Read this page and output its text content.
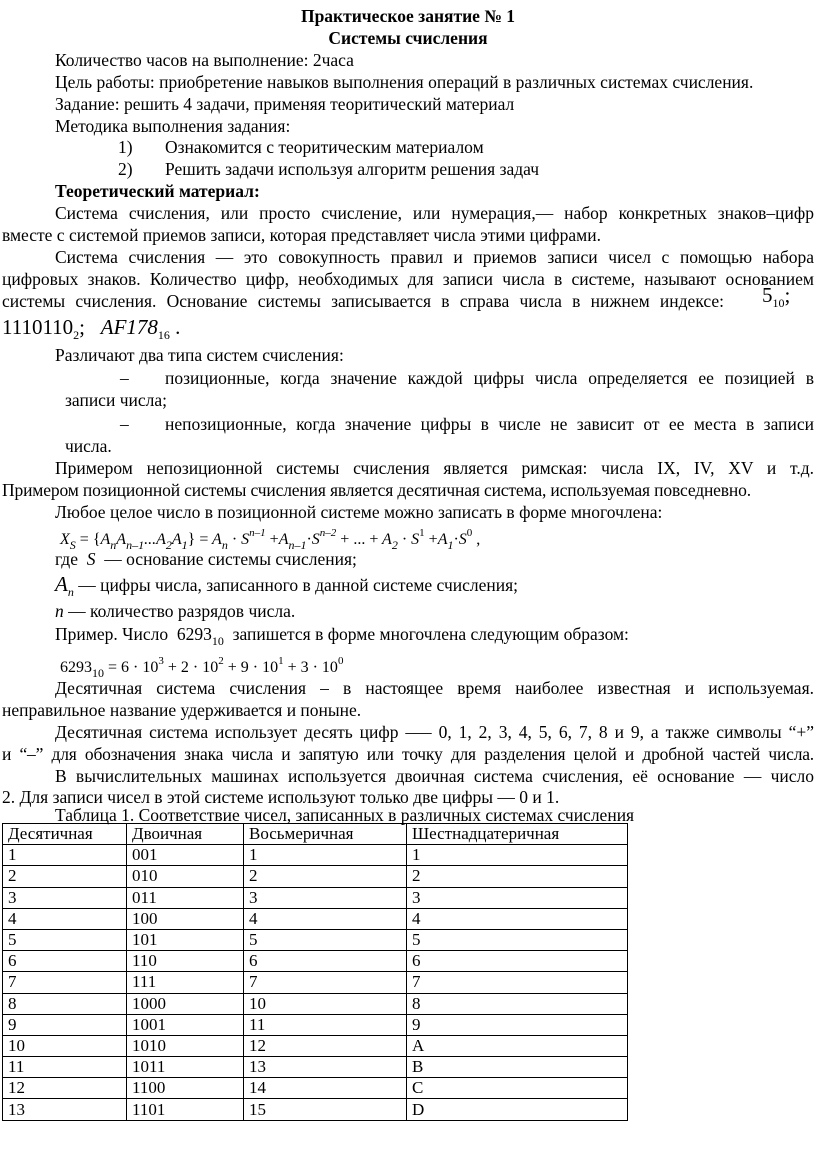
Практическое занятие № 1
Системы счисления
Количество часов на выполнение: 2часа
Цель работы: приобретение навыков выполнения операций в различных системах счисления.
Задание: решить 4 задачи, применяя теоритический материал
Методика выполнения задания:
1) Ознакомится с теоритическим материалом
2) Решить задачи используя алгоритм решения задач
Теоретический материал:
Система счисления, или просто счисление, или нумерация,— набор конкретных знаков–цифр
вместе с системой приемов записи, которая представляет числа этими цифрами.
Система счисления — это совокупность правил и приемов записи чисел с помощью набора
цифровых знаков. Количество цифр, необходимых для записи числа в системе, называют основанием
системы счисления. Основание системы записывается в справа числа в нижнем индексе: $5_{10}$;
$1110110_2$;   $AF178_{16}$ .
Различают два типа систем счисления:
– позиционные, когда значение каждой цифры числа определяется ее позицией в
записи числа;
– непозиционные, когда значение цифры в числе не зависит от ее места в записи
числа.
Примером непозиционной системы счисления является римская: числа IX, IV, XV и т.д.
Примером позиционной системы счисления является десятичная система, используемая повседневно.
Любое целое число в позиционной системе можно записать в форме многочлена:
$X_S = \{A_nA_{n-1}...A_2A_1\} = A_n \cdot S^{n-1} +A_{n-1}\cdot S^{n-2}$ + ... + $A_2 \cdot S^1 +A_1\cdot S^0$ ,
где  S — основание системы счисления;
$A_n$ — цифры числа, записанного в данной системе счисления;
n — количество разрядов числа.
Пример. Число $6293_{10}$ запишется в форме многочлена следующим образом:
$6293_{10} = 6 \cdot 10^3 + 2 \cdot 10^2 + 9 \cdot 10^1 + 3 \cdot 10^0$
Десятичная система счисления – в настоящее время наиболее известная и используемая.
неправильное название удерживается и поныне.
Десятичная система использует десять цифр ––– 0, 1, 2, 3, 4, 5, 6, 7, 8 и 9, а также символы “+”
и “–” для обозначения знака числа и запятую или точку для разделения целой и дробной частей числа.
В вычислительных машинах используется двоичная система счисления, её основание — число
2. Для записи чисел в этой системе используют только две цифры — 0 и 1.
Таблица 1. Соответствие чисел, записанных в различных системах счисления
Десятичная	Двоичная	Восьмеричная	Шестнадцатеричная
1	001	1	1
2	010	2	2
3	011	3	3
4	100	4	4
5	101	5	5
6	110	6	6
7	111	7	7
8	1000	10	8
9	1001	11	9
10	1010	12	A
11	1011	13	B
12	1100	14	C
13	1101	15	D
